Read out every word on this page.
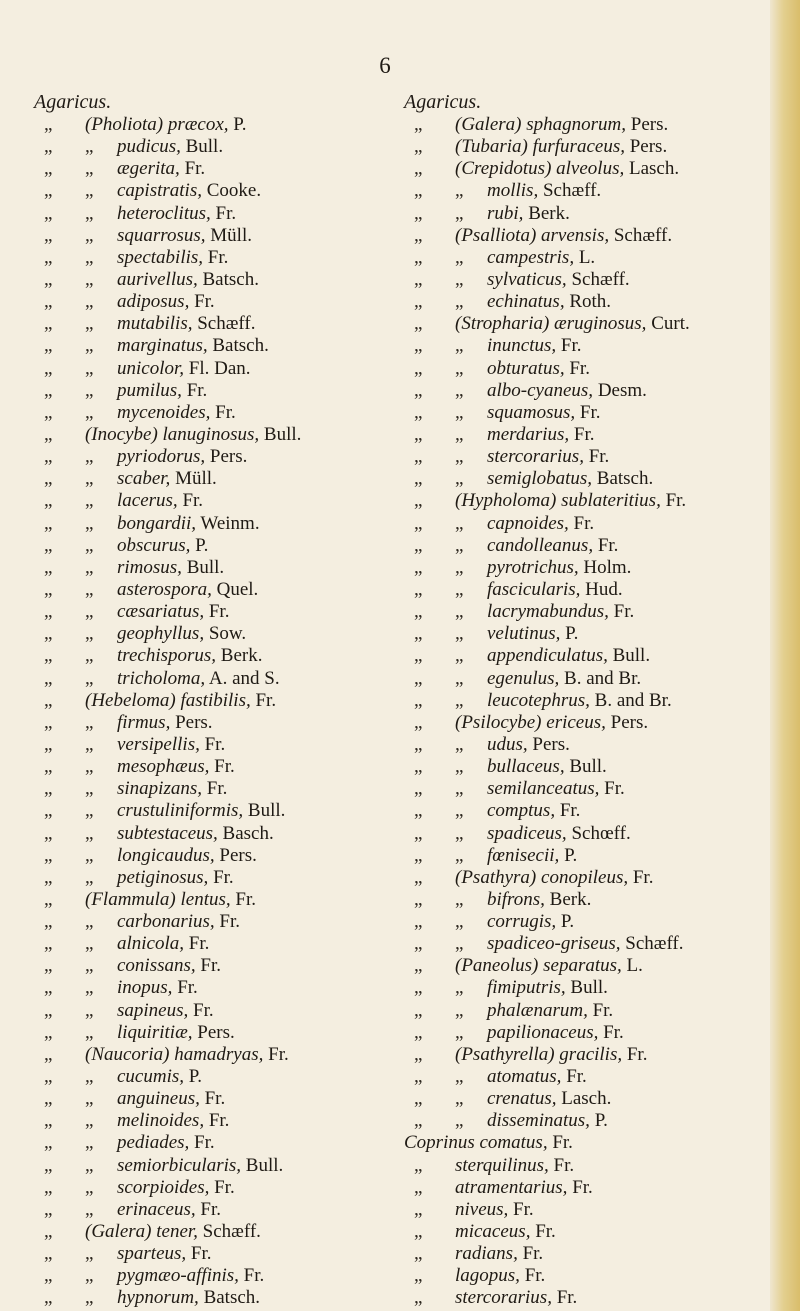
6
Agaricus.
„ (Pholiota) præcox, P.
„ „ pudicus, Bull.
„ „ ægerita, Fr.
„ „ capistratis, Cooke.
„ „ heteroclitus, Fr.
„ „ squarrosus, Müll.
„ „ spectabilis, Fr.
„ „ aurivellus, Batsch.
„ „ adiposus, Fr.
„ „ mutabilis, Schæff.
„ „ marginatus, Batsch.
„ „ unicolor, Fl. Dan.
„ „ pumilus, Fr.
„ „ mycenoides, Fr.
„ (Inocybe) lanuginosus, Bull.
„ „ pyriodorus, Pers.
„ „ scaber, Müll.
„ „ lacerus, Fr.
„ „ bongardii, Weinm.
„ „ obscurus, P.
„ „ rimosus, Bull.
„ „ asterospora, Quel.
„ „ cæsariatus, Fr.
„ „ geophyllus, Sow.
„ „ trechisporus, Berk.
„ „ tricholoma, A. and S.
„ (Hebeloma) fastibilis, Fr.
„ „ firmus, Pers.
„ „ versipellis, Fr.
„ „ mesophæus, Fr.
„ „ sinapizans, Fr.
„ „ crustuliniformis, Bull.
„ „ subtestaceus, Basch.
„ „ longicaudus, Pers.
„ „ petiginosus, Fr.
„ (Flammula) lentus, Fr.
„ „ carbonarius, Fr.
„ „ alnicola, Fr.
„ „ conissans, Fr.
„ „ inopus, Fr.
„ „ sapineus, Fr.
„ „ liquiritiæ, Pers.
„ (Naucoria) hamadryas, Fr.
„ „ cucumis, P.
„ „ anguineus, Fr.
„ „ melinoides, Fr.
„ „ pediades, Fr.
„ „ semiorbicularis, Bull.
„ „ scorpioides, Fr.
„ „ erinaceus, Fr.
„ (Galera) tener, Schæff.
„ „ sparteus, Fr.
„ „ pygmæo-affinis, Fr.
„ „ hypnorum, Batsch.
Agaricus.
„ (Galera) sphagnorum, Pers.
„ (Tubaria) furfuraceus, Pers.
„ (Crepidotus) alveolus, Lasch.
„ „ mollis, Schæff.
„ „ rubi, Berk.
„ (Psalliota) arvensis, Schæff.
„ „ campestris, L.
„ „ sylvaticus, Schæff.
„ „ echinatus, Roth.
„ (Stropharia) æruginosus, Curt.
„ „ inunctus, Fr.
„ „ obturatus, Fr.
„ „ albo-cyaneus, Desm.
„ „ squamosus, Fr.
„ „ merdarius, Fr.
„ „ stercorarius, Fr.
„ „ semiglobatus, Batsch.
„ (Hypholoma) sublateritius, Fr.
„ „ capnoides, Fr.
„ „ candolleanus, Fr.
„ „ pyrotrichus, Holm.
„ „ fascicularis, Hud.
„ „ lacrymabundus, Fr.
„ „ velutinus, P.
„ „ appendiculatus, Bull.
„ „ egenulus, B. and Br.
„ „ leucotephrus, B. and Br.
„ (Psilocybe) ericeus, Pers.
„ „ udus, Pers.
„ „ bullaceus, Bull.
„ „ semilanceatus, Fr.
„ „ comptus, Fr.
„ „ spadiceus, Schœff.
„ „ fœnisecii, P.
„ (Psathyra) conopileus, Fr.
„ „ bifrons, Berk.
„ „ corrugis, P.
„ „ spadiceo-griseus, Schæff.
„ (Paneolus) separatus, L.
„ „ fimiputris, Bull.
„ „ phalænarum, Fr.
„ „ papilionaceus, Fr.
„ (Psathyrella) gracilis, Fr.
„ „ atomatus, Fr.
„ „ crenatus, Lasch.
„ „ disseminatus, P.
Coprinus comatus, Fr.
„ sterquilinus, Fr.
„ atramentarius, Fr.
„ niveus, Fr.
„ micaceus, Fr.
„ radians, Fr.
„ lagopus, Fr.
„ stercorarius, Fr.
